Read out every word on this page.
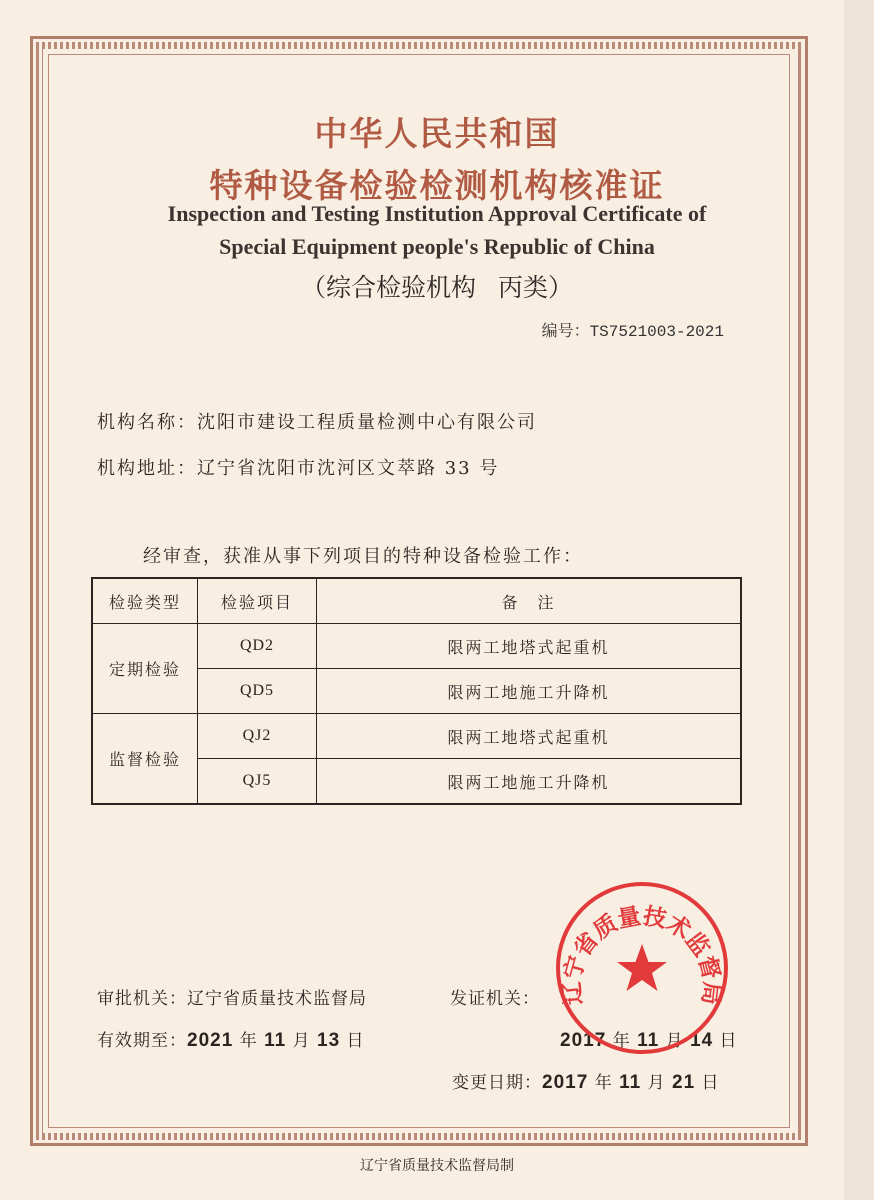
中华人民共和国
特种设备检验检测机构核准证
Inspection and Testing Institution Approval Certificate of
Special Equipment people's Republic of China
（综合检验机构 丙类）
编号：TS7521003-2021
机构名称：沈阳市建设工程质量检测中心有限公司
机构地址：辽宁省沈阳市沈河区文萃路 33 号
经审查，获准从事下列项目的特种设备检验工作：
检验类型	检验项目	备　注
定期检验	QD2	限两工地塔式起重机
	QD5	限两工地施工升降机
监督检验	QJ2	限两工地塔式起重机
	QJ5	限两工地施工升降机
审批机关：辽宁省质量技术监督局	发证机关：
有效期至：2021 年 11 月 13 日	2017 年 11 月 14 日
变更日期：2017 年 11 月 21 日
辽宁省质量技术监督局
辽宁省质量技术监督局制
